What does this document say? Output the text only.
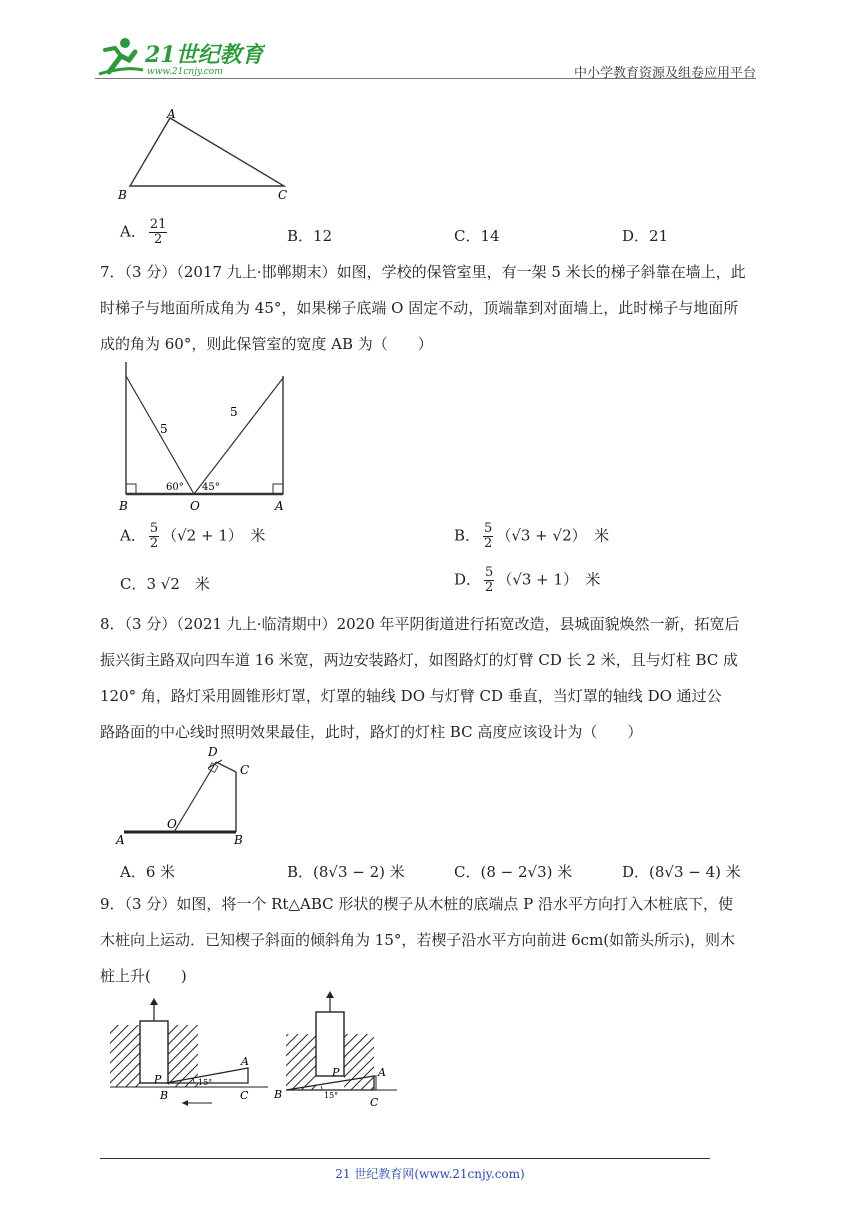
21世纪教育
www.21cnjy.com	中小学教育资源及组卷应用平台
A
B	C
A． $\frac{21}{2}$	B．12	C．14	D．21
7．（3 分）（2017 九上·邯郸期末）如图，学校的保管室里，有一架 5 米长的梯子斜靠在墙上，此
时梯子与地面所成角为 45°，如果梯子底端 O 固定不动，顶端靠到对面墙上，此时梯子与地面所
成的角为 60°，则此保管室的宽度 AB 为（　　）
5
5
60° 45°
B	O	A
A． $\frac{5}{2} (√2 + 1)$　米	B． $\frac{5}{2} (√3 + √2)$　米
C．3 √2　米	D． $\frac{5}{2} (√3 + 1)$　米
8．（3 分）（2021 九上·临清期中）2020 年平阴街道进行拓宽改造，县城面貌焕然一新，拓宽后
振兴街主路双向四车道 16 米宽，两边安装路灯，如图路灯的灯臂 CD 长 2 米，且与灯柱 BC 成
120° 角，路灯采用圆锥形灯罩，灯罩的轴线 DO 与灯臂 CD 垂直，当灯罩的轴线 DO 通过公
路路面的中心线时照明效果最佳，此时，路灯的灯柱 BC 高度应该设计为（　　）
D
C
O
A	B
A．6 米	B．(8√3 − 2) 米	C．(8 − 2√3) 米	D．(8√3 − 4) 米
9．（3 分）如图，将一个 Rt△ABC 形状的楔子从木桩的底端点 P 沿水平方向打入木桩底下，使
木桩向上运动．已知楔子斜面的倾斜角为 15°，若楔子沿水平方向前进 6cm(如箭头所示)，则木
桩上升(　　)
P
A
B	C
15°
P	A
B
C
15°
21 世纪教育网(www.21cnjy.com)
